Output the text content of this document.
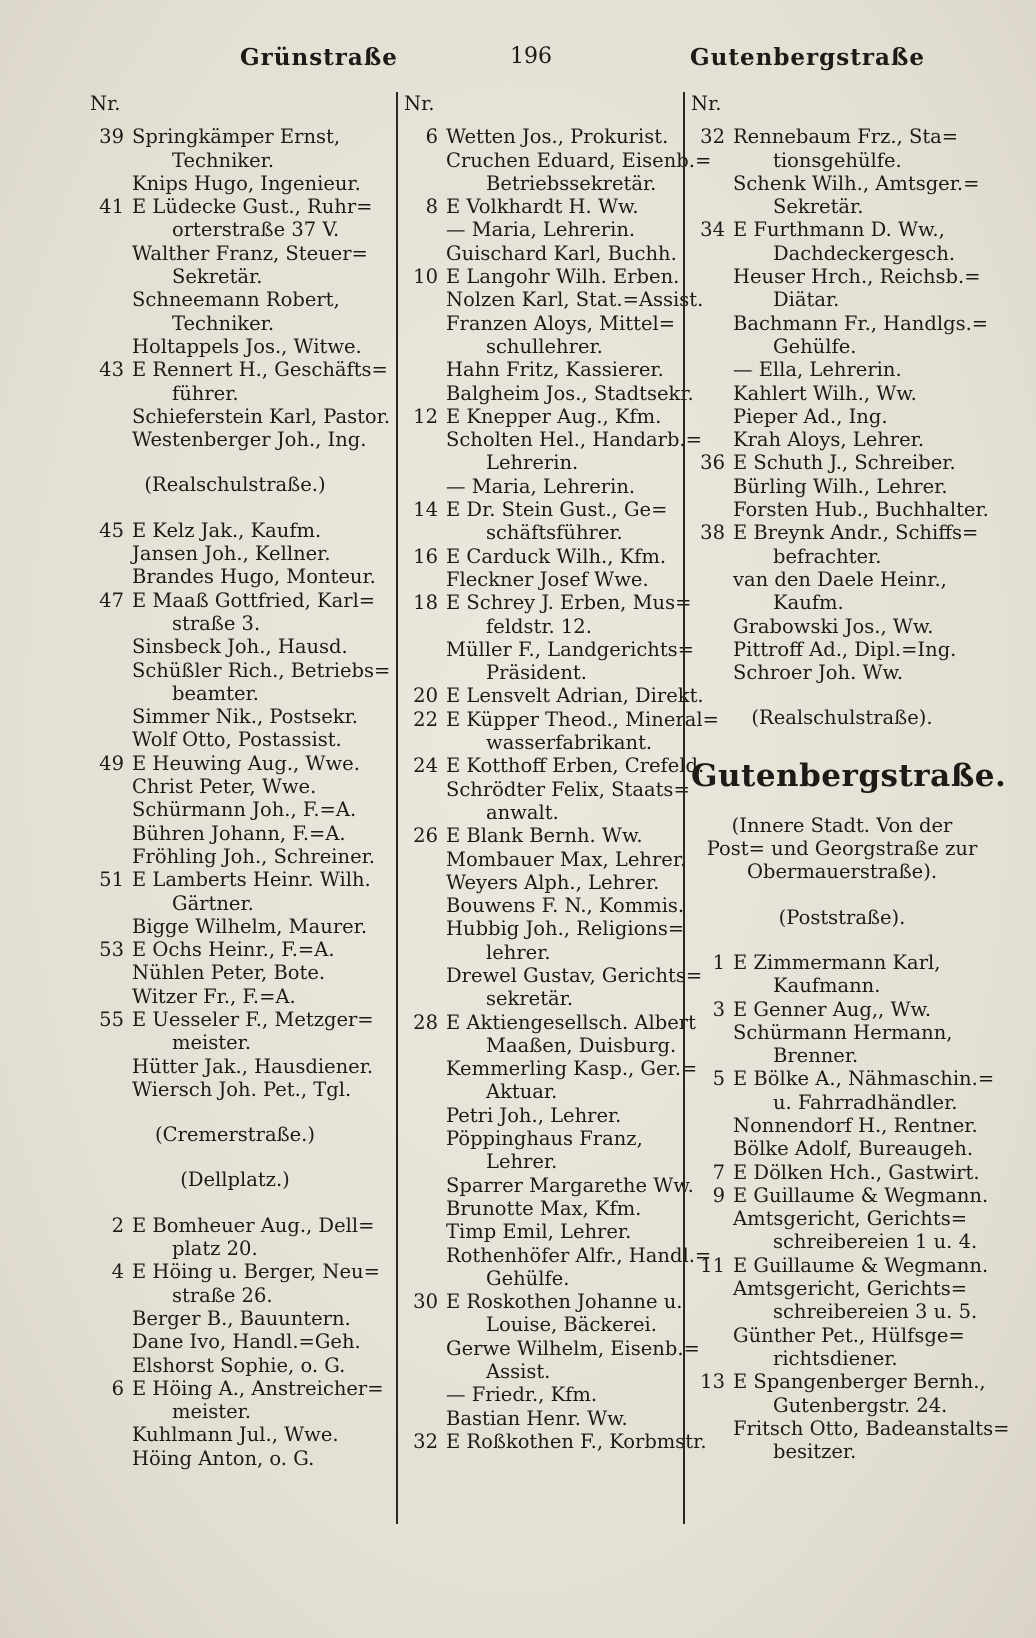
Grünstraße	196	Gutenbergstraße
Nr.
39 Springkämper Ernst,
Techniker.
Knips Hugo, Ingenieur.
41 E Lüdecke Gust., Ruhr=
orterstraße 37 V.
Walther Franz, Steuer=
Sekretär.
Schneemann Robert,
Techniker.
Holtappels Jos., Witwe.
43 E Rennert H., Geschäfts=
führer.
Schieferstein Karl, Pastor.
Westenberger Joh., Ing.
(Realschulstraße.)
45 E Kelz Jak., Kaufm.
Jansen Joh., Kellner.
Brandes Hugo, Monteur.
47 E Maaß Gottfried, Karl=
straße 3.
Sinsbeck Joh., Hausd.
Schüßler Rich., Betriebs=
beamter.
Simmer Nik., Postsekr.
Wolf Otto, Postassist.
49 E Heuwing Aug., Wwe.
Christ Peter, Wwe.
Schürmann Joh., F.=A.
Bühren Johann, F.=A.
Fröhling Joh., Schreiner.
51 E Lamberts Heinr. Wilh.
Gärtner.
Bigge Wilhelm, Maurer.
53 E Ochs Heinr., F.=A.
Nühlen Peter, Bote.
Witzer Fr., F.=A.
55 E Uesseler F., Metzger=
meister.
Hütter Jak., Hausdiener.
Wiersch Joh. Pet., Tgl.
(Cremerstraße.)
(Dellplatz.)
2 E Bomheuer Aug., Dell=
platz 20.
4 E Höing u. Berger, Neu=
straße 26.
Berger B., Bauuntern.
Dane Ivo, Handl.=Geh.
Elshorst Sophie, o. G.
6 E Höing A., Anstreicher=
meister.
Kuhlmann Jul., Wwe.
Höing Anton, o. G.
Nr.
6 Wetten Jos., Prokurist.
Cruchen Eduard, Eisenb.=
Betriebssekretär.
8 E Volkhardt H. Ww.
— Maria, Lehrerin.
Guischard Karl, Buchh.
10 E Langohr Wilh. Erben.
Nolzen Karl, Stat.=Assist.
Franzen Aloys, Mittel=
schullehrer.
Hahn Fritz, Kassierer.
Balgheim Jos., Stadtsekr.
12 E Knepper Aug., Kfm.
Scholten Hel., Handarb.=
Lehrerin.
— Maria, Lehrerin.
14 E Dr. Stein Gust., Ge=
schäftsführer.
16 E Carduck Wilh., Kfm.
Fleckner Josef Wwe.
18 E Schrey J. Erben, Mus=
feldstr. 12.
Müller F., Landgerichts=
Präsident.
20 E Lensvelt Adrian, Direkt.
22 E Küpper Theod., Mineral=
wasserfabrikant.
24 E Kotthoff Erben, Crefeld.
Schrödter Felix, Staats=
anwalt.
26 E Blank Bernh. Ww.
Mombauer Max, Lehrer.
Weyers Alph., Lehrer.
Bouwens F. N., Kommis.
Hubbig Joh., Religions=
lehrer.
Drewel Gustav, Gerichts=
sekretär.
28 E Aktiengesellsch. Albert
Maaßen, Duisburg.
Kemmerling Kasp., Ger.=
Aktuar.
Petri Joh., Lehrer.
Pöppinghaus Franz,
Lehrer.
Sparrer Margarethe Ww.
Brunotte Max, Kfm.
Timp Emil, Lehrer.
Rothenhöfer Alfr., Handl.=
Gehülfe.
30 E Roskothen Johanne u.
Louise, Bäckerei.
Gerwe Wilhelm, Eisenb.=
Assist.
— Friedr., Kfm.
Bastian Henr. Ww.
32 E Roßkothen F., Korbmstr.
Nr.
32 Rennebaum Frz., Sta=
tionsgehülfe.
Schenk Wilh., Amtsger.=
Sekretär.
34 E Furthmann D. Ww.,
Dachdeckergesch.
Heuser Hrch., Reichsb.=
Diätar.
Bachmann Fr., Handlgs.=
Gehülfe.
— Ella, Lehrerin.
Kahlert Wilh., Ww.
Pieper Ad., Ing.
Krah Aloys, Lehrer.
36 E Schuth J., Schreiber.
Bürling Wilh., Lehrer.
Forsten Hub., Buchhalter.
38 E Breynk Andr., Schiffs=
befrachter.
van den Daele Heinr.,
Kaufm.
Grabowski Jos., Ww.
Pittroff Ad., Dipl.=Ing.
Schroer Joh. Ww.
(Realschulstraße).
Gutenbergstraße.
(Innere Stadt. Von der
Post= und Georgstraße zur
Obermauerstraße).
(Poststraße).
1 E Zimmermann Karl,
Kaufmann.
3 E Genner Aug,, Ww.
Schürmann Hermann,
Brenner.
5 E Bölke A., Nähmaschin.=
u. Fahrradhändler.
Nonnendorf H., Rentner.
Bölke Adolf, Bureaugeh.
7 E Dölken Hch., Gastwirt.
9 E Guillaume & Wegmann.
Amtsgericht, Gerichts=
schreibereien 1 u. 4.
11 E Guillaume & Wegmann.
Amtsgericht, Gerichts=
schreibereien 3 u. 5.
Günther Pet., Hülfsge=
richtsdiener.
13 E Spangenberger Bernh.,
Gutenbergstr. 24.
Fritsch Otto, Badeanstalts=
besitzer.
